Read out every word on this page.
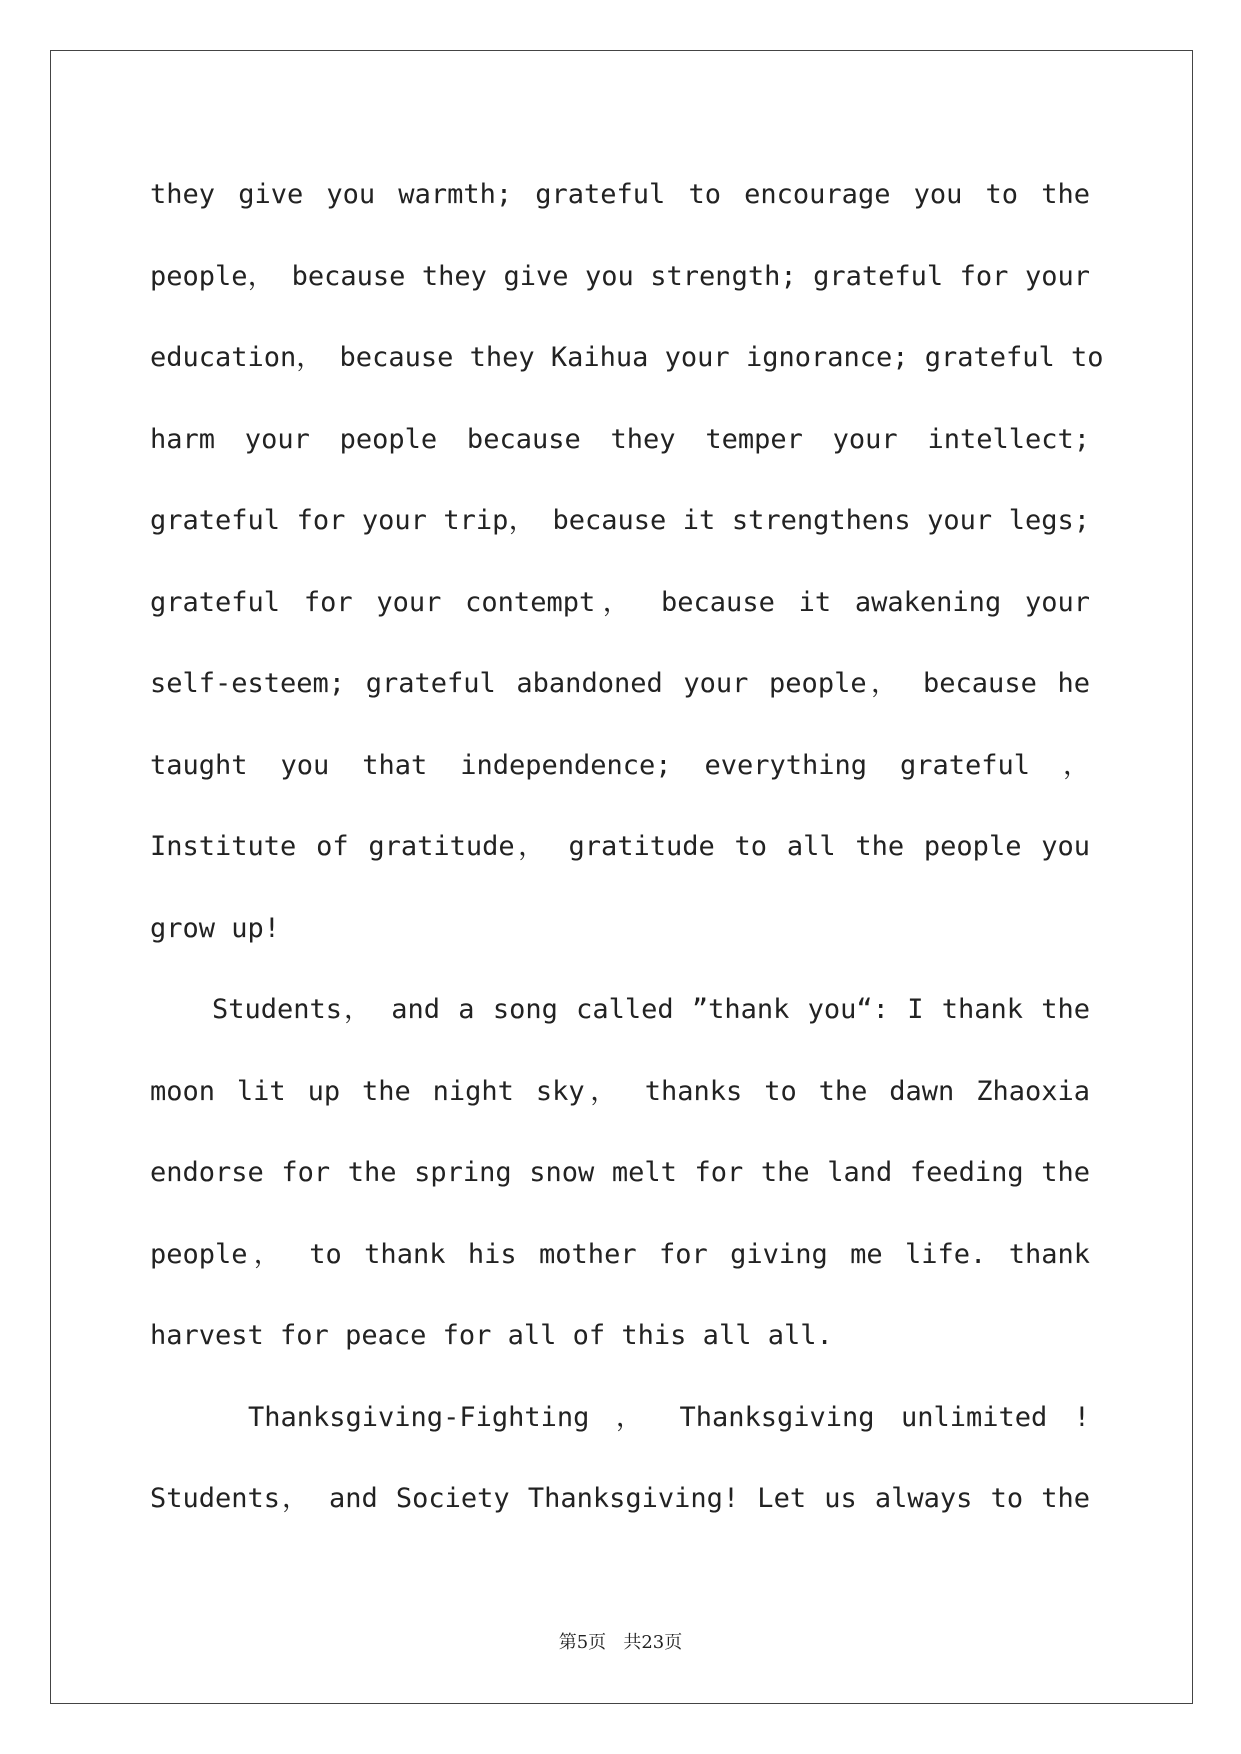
they give you warmth; grateful to encourage you to the
people， because they give you strength; grateful for your
education， because they Kaihua your ignorance; grateful to
harm your people because they temper your intellect;
grateful for your trip， because it strengthens your legs;
grateful for your contempt， because it awakening your
self-esteem; grateful abandoned your people， because he
taught you that independence; everything grateful ，
Institute of gratitude， gratitude to all the people you
grow up!
Students， and a song called ”thank you“: I thank the
moon lit up the night sky， thanks to the dawn Zhaoxia
endorse for the spring snow melt for the land feeding the
people， to thank his mother for giving me life. thank
harvest for peace for all of this all all.
Thanksgiving-Fighting ， Thanksgiving unlimited !
Students， and Society Thanksgiving! Let us always to the
第5页   共23页
